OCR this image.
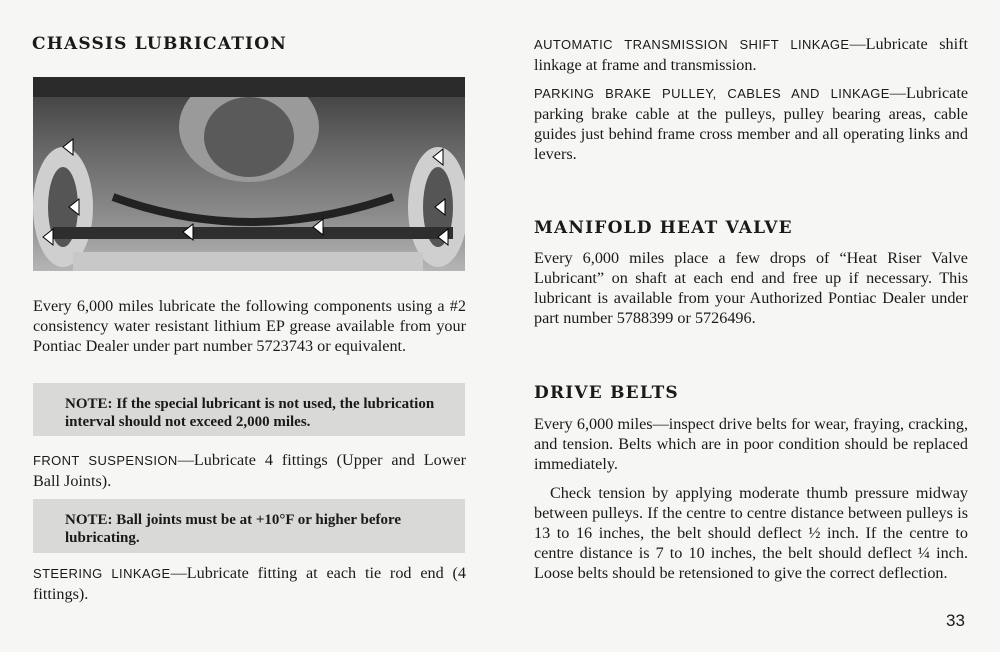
CHASSIS LUBRICATION

Every 6,000 miles lubricate the following components using a #2 consistency water resistant lithium EP grease available from your Pontiac Dealer under part number 5723743 or equivalent.

NOTE: If the special lubricant is not used, the lubrication interval should not exceed 2,000 miles.

FRONT SUSPENSION—Lubricate 4 fittings (Upper and Lower Ball Joints).

NOTE: Ball joints must be at +10°F or higher before lubricating.

STEERING LINKAGE—Lubricate fitting at each tie rod end (4 fittings).

AUTOMATIC TRANSMISSION SHIFT LINKAGE—Lubricate shift linkage at frame and transmission.

PARKING BRAKE PULLEY, CABLES AND LINKAGE—Lubricate parking brake cable at the pulleys, pulley bearing areas, cable guides just behind frame cross member and all operating links and levers.

MANIFOLD HEAT VALVE
Every 6,000 miles place a few drops of “Heat Riser Valve Lubricant” on shaft at each end and free up if necessary. This lubricant is available from your Authorized Pontiac Dealer under part number 5788399 or 5726496.
DRIVE BELTS
Every 6,000 miles—inspect drive belts for wear, fraying, cracking, and tension. Belts which are in poor condition should be replaced immediately.
Check tension by applying moderate thumb pressure midway between pulleys. If the centre to centre distance between pulleys is 13 to 16 inches, the belt should deflect ½ inch. If the centre to centre distance is 7 to 10 inches, the belt should deflect ¼ inch. Loose belts should be retensioned to give the correct deflection.
33
